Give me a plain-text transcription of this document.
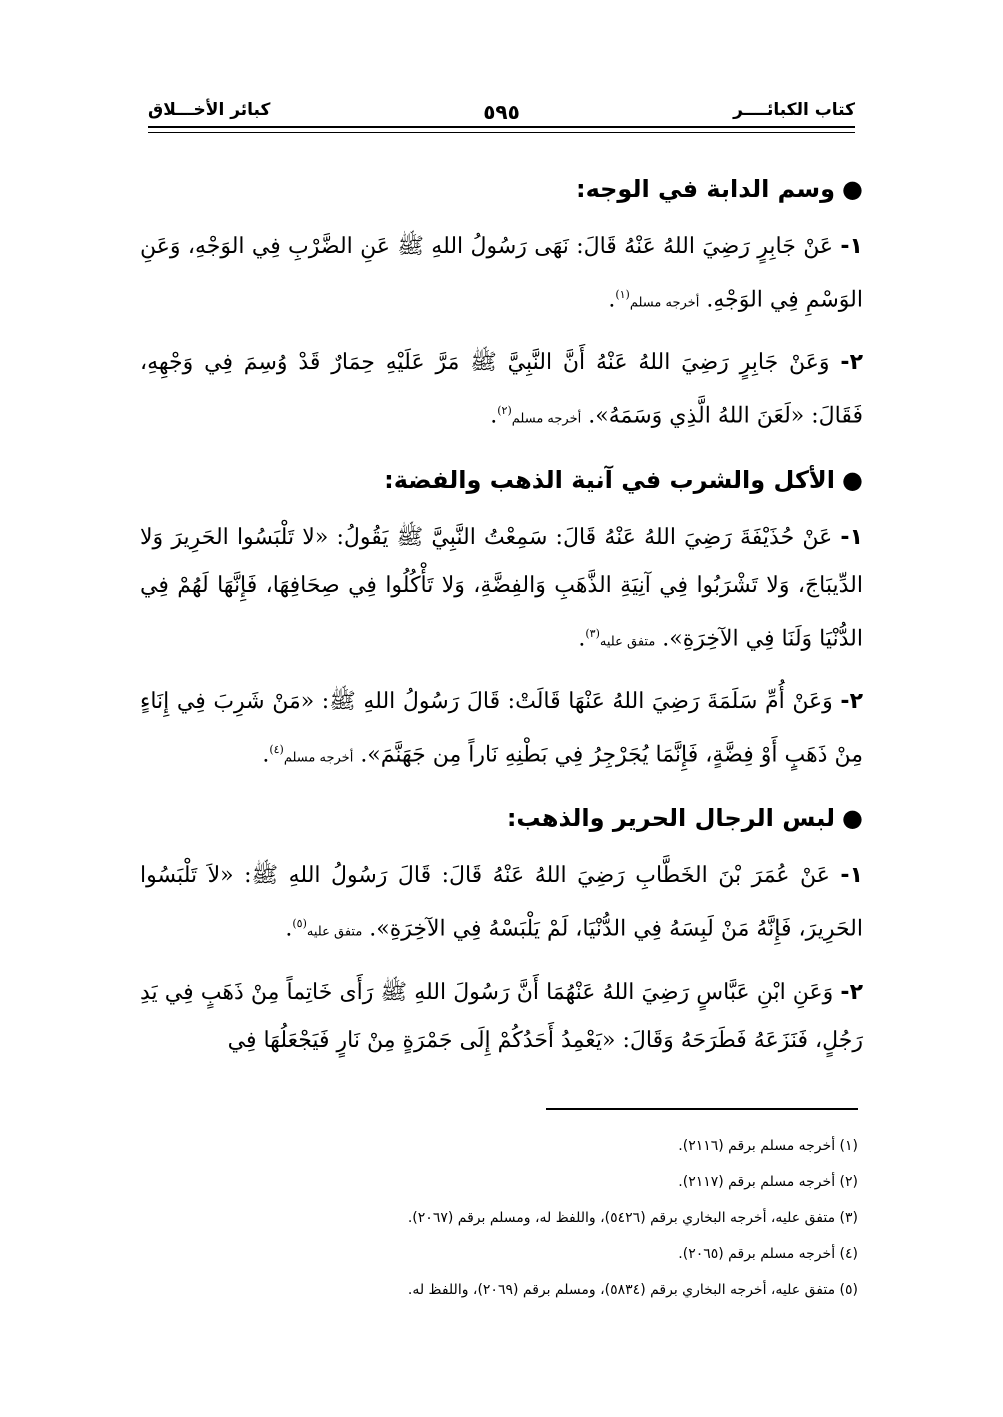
كتاب الكبائــــر
٥٩٥
كبائر الأخـــلاق
●
وسم الدابة في الوجه:
١- عَنْ جَابِرٍ رَضِيَ اللهُ عَنْهُ قَالَ: نَهَى رَسُولُ اللهِ ﷺ عَنِ الضَّرْبِ فِي الوَجْهِ، وَعَنِ الوَسْمِ فِي الوَجْهِ. أخرجه مسلم$^{(١)}$.
٢- وَعَنْ جَابِرٍ رَضِيَ اللهُ عَنْهُ أَنَّ النَّبِيَّ ﷺ مَرَّ عَلَيْهِ حِمَارٌ قَدْ وُسِمَ فِي وَجْهِهِ، فَقَالَ: «لَعَنَ اللهُ الَّذِي وَسَمَهُ». أخرجه مسلم$^{(٢)}$.
●
الأكل والشرب في آنية الذهب والفضة:
١- عَنْ حُذَيْفَةَ رَضِيَ اللهُ عَنْهُ قَالَ: سَمِعْتُ النَّبِيَّ ﷺ يَقُولُ: «لا تَلْبَسُوا الحَرِيرَ وَلا الدِّيبَاجَ، وَلا تَشْرَبُوا فِي آنِيَةِ الذَّهَبِ وَالفِضَّةِ، وَلا تَأْكُلُوا فِي صِحَافِهَا، فَإِنَّهَا لَهُمْ فِي الدُّنْيَا وَلَنَا فِي الآخِرَةِ». متفق عليه$^{(٣)}$.
٢- وَعَنْ أُمِّ سَلَمَةَ رَضِيَ اللهُ عَنْهَا قَالَتْ: قَالَ رَسُولُ اللهِ ﷺ: «مَنْ شَرِبَ فِي إِنَاءٍ مِنْ ذَهَبٍ أَوْ فِضَّةٍ، فَإِنَّمَا يُجَرْجِرُ فِي بَطْنِهِ نَاراً مِن جَهَنَّمَ». أخرجه مسلم$^{(٤)}$.
●
لبس الرجال الحرير والذهب:
١- عَنْ عُمَرَ بْنَ الخَطَّابِ رَضِيَ اللهُ عَنْهُ قَالَ: قَالَ رَسُولُ اللهِ ﷺ: «لاَ تَلْبَسُوا الحَرِيرَ، فَإِنَّهُ مَنْ لَبِسَهُ فِي الدُّنْيَا، لَمْ يَلْبَسْهُ فِي الآخِرَةِ». متفق عليه$^{(٥)}$.
٢- وَعَنِ ابْنِ عَبَّاسٍ رَضِيَ اللهُ عَنْهُمَا أَنَّ رَسُولَ اللهِ ﷺ رَأَى خَاتِماً مِنْ ذَهَبٍ فِي يَدِ رَجُلٍ، فَنَزَعَهُ فَطَرَحَهُ وَقَالَ: «يَعْمِدُ أَحَدُكُمْ إِلَى جَمْرَةٍ مِنْ نَارٍ فَيَجْعَلُهَا فِي
(١) أخرجه مسلم برقم (٢١١٦).
(٢) أخرجه مسلم برقم (٢١١٧).
(٣) متفق عليه، أخرجه البخاري برقم (٥٤٢٦)، واللفظ له، ومسلم برقم (٢٠٦٧).
(٤) أخرجه مسلم برقم (٢٠٦٥).
(٥) متفق عليه، أخرجه البخاري برقم (٥٨٣٤)، ومسلم برقم (٢٠٦٩)، واللفظ له.
